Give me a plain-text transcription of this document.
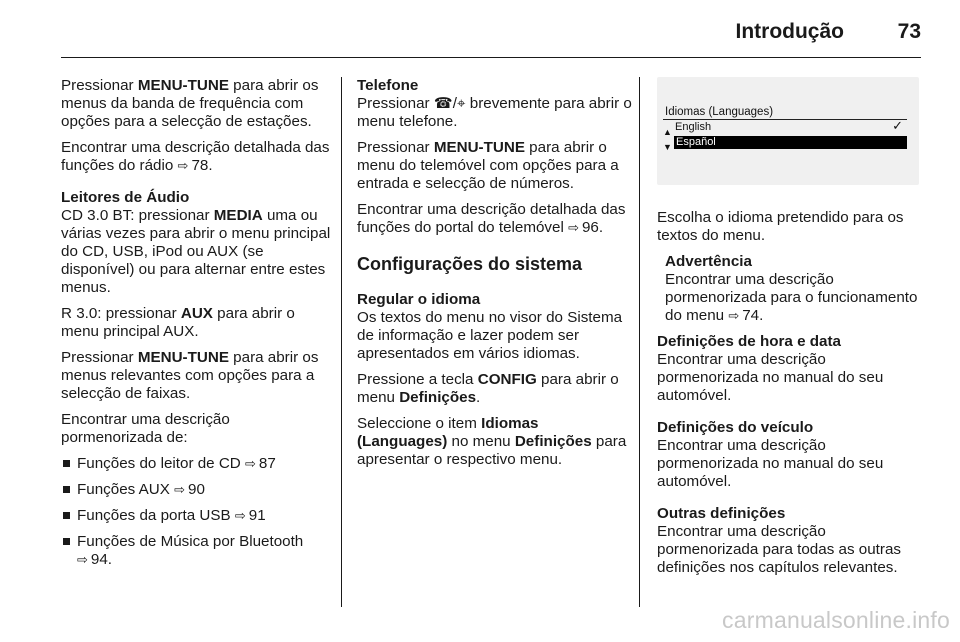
Introdução	73

Pressionar MENU-TUNE para abrir os menus da banda de frequência com opções para a selecção de estações.

Encontrar uma descrição detalhada das funções do rádio ⇨ 78.

Leitores de Áudio

CD 3.0 BT: pressionar MEDIA uma ou várias vezes para abrir o menu principal do CD, USB, iPod ou AUX (se disponível) ou para alternar entre estes menus.

R 3.0: pressionar AUX para abrir o menu principal AUX.

Pressionar MENU-TUNE para abrir os menus relevantes com opções para a selecção de faixas.

Encontrar uma descrição pormenorizada de:

Funções do leitor de CD ⇨ 87
Funções AUX ⇨ 90
Funções da porta USB ⇨ 91
Funções de Música por Bluetooth ⇨ 94.
Telefone

Pressionar ☎/⌖ brevemente para abrir o menu telefone.

Pressionar MENU-TUNE para abrir o menu do telemóvel com opções para a entrada e selecção de números.

Encontrar uma descrição detalhada das funções do portal do telemóvel ⇨ 96.

Configurações do sistema
Regular o idioma

Os textos do menu no visor do Sistema de informação e lazer podem ser apresentados em vários idiomas.

Pressione a tecla CONFIG para abrir o menu Definições.

Seleccione o item Idiomas (Languages) no menu Definições para apresentar o respectivo menu.

Idiomas (Languages)
▲ English	✓
▼ Español

Escolha o idioma pretendido para os textos do menu.

Advertência

Encontrar uma descrição pormenorizada para o funcionamento do menu ⇨ 74.

Definições de hora e data

Encontrar uma descrição pormenorizada no manual do seu automóvel.

Definições do veículo

Encontrar uma descrição pormenorizada no manual do seu automóvel.

Outras definições

Encontrar uma descrição pormenorizada para todas as outras definições nos capítulos relevantes.

carmanualsonline.info
